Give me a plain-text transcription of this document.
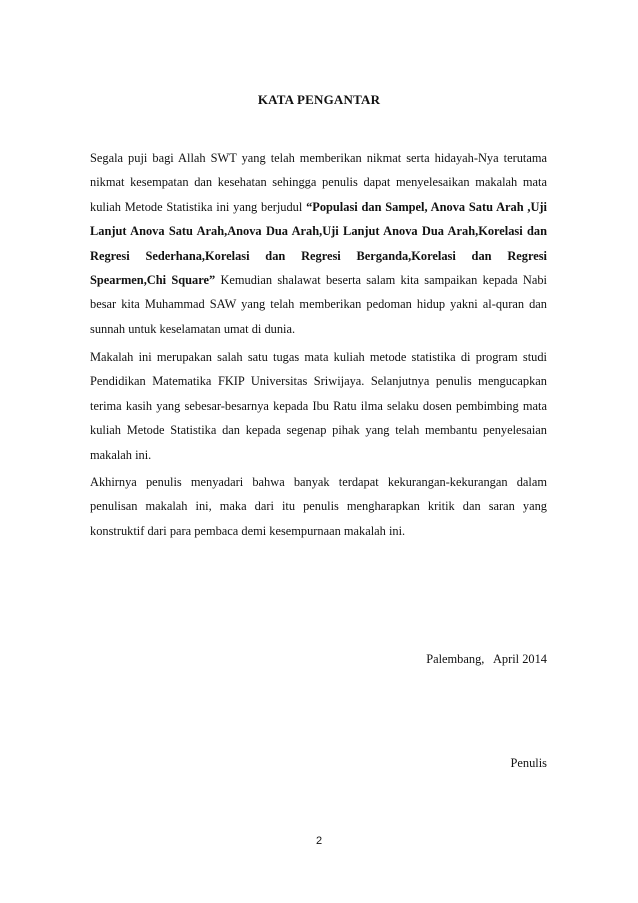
KATA PENGANTAR

Segala puji bagi Allah SWT yang telah memberikan nikmat serta hidayah-Nya terutama nikmat kesempatan dan kesehatan sehingga penulis dapat menyelesaikan makalah mata kuliah Metode Statistika ini yang berjudul “Populasi dan Sampel, Anova Satu Arah ,Uji Lanjut Anova Satu Arah,Anova Dua Arah,Uji Lanjut Anova Dua Arah,Korelasi dan Regresi Sederhana,Korelasi dan Regresi Berganda,Korelasi dan Regresi Spearmen,Chi Square” Kemudian shalawat beserta salam kita sampaikan kepada Nabi besar kita Muhammad SAW yang telah memberikan pedoman hidup yakni al-quran dan sunnah untuk keselamatan umat di dunia.

Makalah ini merupakan salah satu tugas mata kuliah metode statistika di program studi Pendidikan Matematika FKIP Universitas Sriwijaya. Selanjutnya penulis mengucapkan terima kasih yang sebesar-besarnya kepada Ibu Ratu ilma selaku dosen pembimbing mata kuliah Metode Statistika dan kepada segenap pihak yang telah membantu penyelesaian makalah ini.

Akhirnya penulis menyadari bahwa banyak terdapat kekurangan-kekurangan dalam penulisan makalah ini, maka dari itu penulis mengharapkan kritik dan saran yang konstruktif dari para pembaca demi kesempurnaan makalah ini.

Palembang,   April 2014
Penulis
2
